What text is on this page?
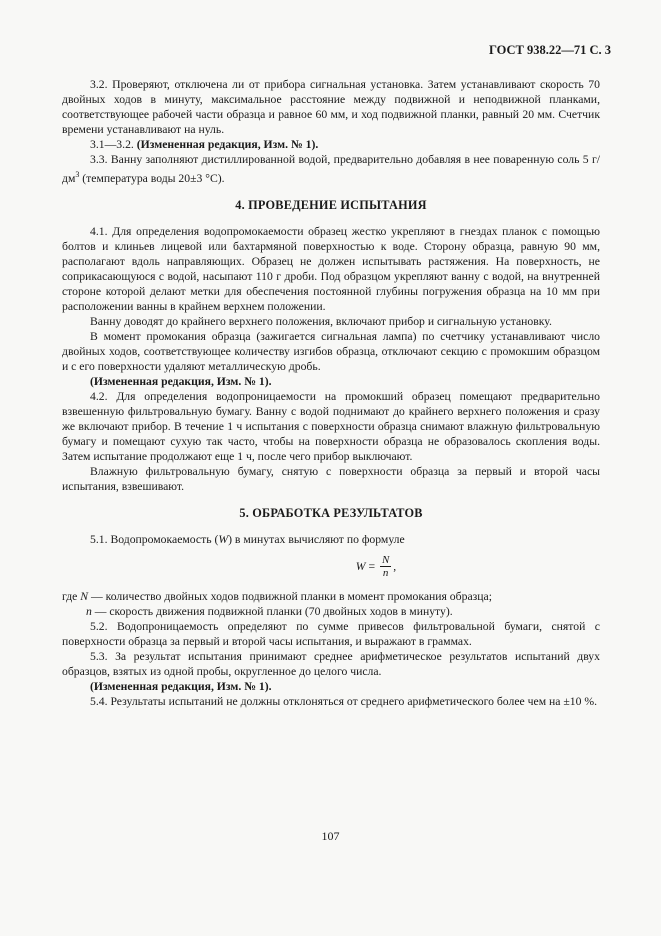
ГОСТ 938.22—71 С. 3

3.2. Проверяют, отключена ли от прибора сигнальная установка. Затем устанавливают скорость 70 двойных ходов в минуту, максимальное расстояние между подвижной и неподвижной планками, соответствующее рабочей части образца и равное 60 мм, и ход подвижной планки, равный 20 мм. Счетчик времени устанавливают на нуль.

3.1—3.2. (Измененная редакция, Изм. № 1).

3.3. Ванну заполняют дистиллированной водой, предварительно добавляя в нее поваренную соль 5 $г/дм^3$ (температура воды 20±3 °С).

4. ПРОВЕДЕНИЕ ИСПЫТАНИЯ

4.1. Для определения водопромокаемости образец жестко укрепляют в гнездах планок с помощью болтов и клиньев лицевой или бахтармяной поверхностью к воде. Сторону образца, равную 90 мм, располагают вдоль направляющих. Образец не должен испытывать растяжения. На поверхность, не соприкасающуюся с водой, насыпают 110 г дроби. Под образцом укрепляют ванну с водой, на внутренней стороне которой делают метки для обеспечения постоянной глубины погружения образца на 10 мм при расположении ванны в крайнем верхнем положении.

Ванну доводят до крайнего верхнего положения, включают прибор и сигнальную установку.

В момент промокания образца (зажигается сигнальная лампа) по счетчику устанавливают число двойных ходов, соответствующее количеству изгибов образца, отключают секцию с промокшим образцом и с его поверхности удаляют металлическую дробь.

(Измененная редакция, Изм. № 1).

4.2. Для определения водопроницаемости на промокший образец помещают предварительно взвешенную фильтровальную бумагу. Ванну с водой поднимают до крайнего верхнего положения и сразу же включают прибор. В течение 1 ч испытания с поверхности образца снимают влажную фильтровальную бумагу и помещают сухую так часто, чтобы на поверхности образца не образовалось скопления воды. Затем испытание продолжают еще 1 ч, после чего прибор выключают.

Влажную фильтровальную бумагу, снятую с поверхности образца за первый и второй часы испытания, взвешивают.

5. ОБРАБОТКА РЕЗУЛЬТАТОВ

5.1. Водопромокаемость (W) в минутах вычисляют по формуле

$W = \frac{N}{n}$ ,

где N — количество двойных ходов подвижной планки в момент промокания образца;

n — скорость движения подвижной планки (70 двойных ходов в минуту).

5.2. Водопроницаемость определяют по сумме привесов фильтровальной бумаги, снятой с поверхности образца за первый и второй часы испытания, и выражают в граммах.

5.3. За результат испытания принимают среднее арифметическое результатов испытаний двух образцов, взятых из одной пробы, округленное до целого числа.

(Измененная редакция, Изм. № 1).

5.4. Результаты испытаний не должны отклоняться от среднего арифметического более чем на ±10 %.

107
